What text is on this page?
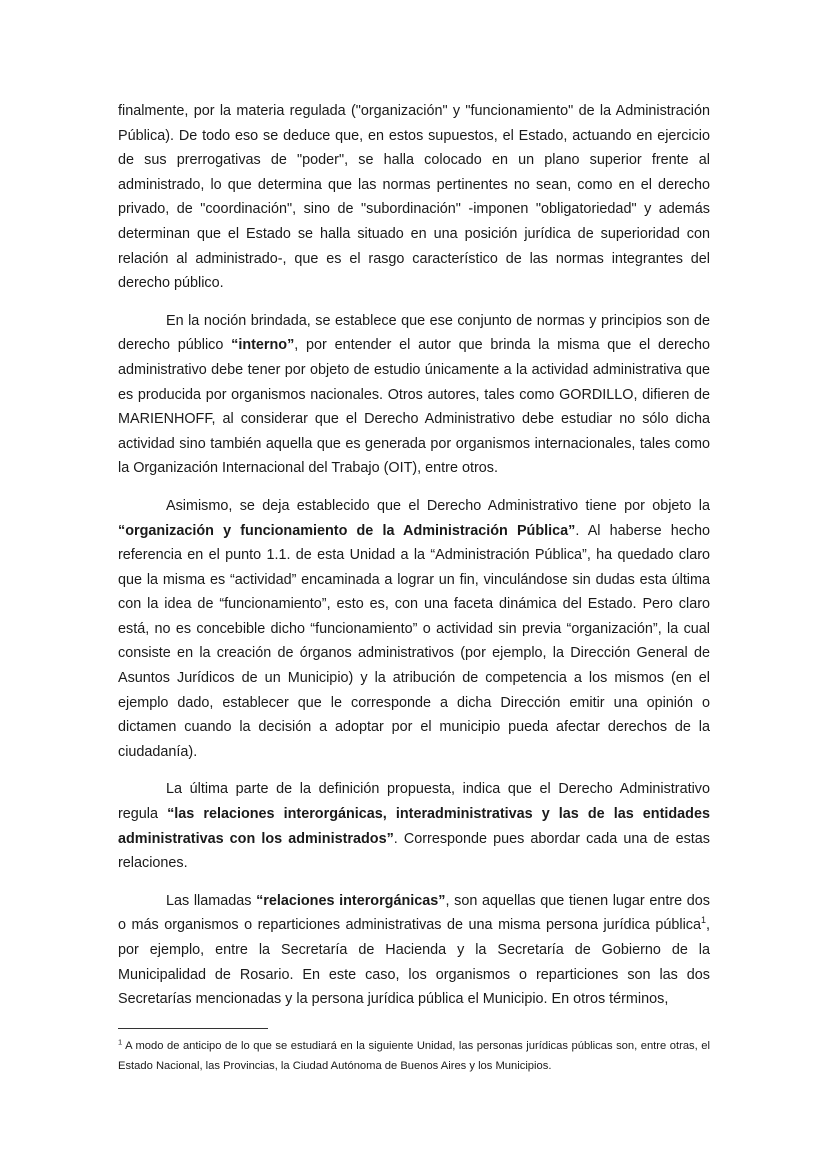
finalmente, por la materia regulada ("organización" y "funcionamiento" de la Administración Pública). De todo eso se deduce que, en estos supuestos, el Estado, actuando en ejercicio de sus prerrogativas de "poder", se halla colocado en un plano superior frente al administrado, lo que determina que las normas pertinentes no sean, como en el derecho privado, de "coordinación", sino de "subordinación" -imponen "obligatoriedad" y además determinan que el Estado se halla situado en una posición jurídica de superioridad con relación al administrado-, que es el rasgo característico de las normas integrantes del derecho público.

En la noción brindada, se establece que ese conjunto de normas y principios son de derecho público “interno”, por entender el autor que brinda la misma que el derecho administrativo debe tener por objeto de estudio únicamente a la actividad administrativa que es producida por organismos nacionales. Otros autores, tales como GORDILLO, difieren de MARIENHOFF, al considerar que el Derecho Administrativo debe estudiar no sólo dicha actividad sino también aquella que es generada por organismos internacionales, tales como la Organización Internacional del Trabajo (OIT), entre otros.

Asimismo, se deja establecido que el Derecho Administrativo tiene por objeto la “organización y funcionamiento de la Administración Pública”. Al haberse hecho referencia en el punto 1.1. de esta Unidad a la “Administración Pública”, ha quedado claro que la misma es “actividad” encaminada a lograr un fin, vinculándose sin dudas esta última con la idea de “funcionamiento”, esto es, con una faceta dinámica del Estado. Pero claro está, no es concebible dicho “funcionamiento” o actividad sin previa “organización”, la cual consiste en la creación de órganos administrativos (por ejemplo, la Dirección General de Asuntos Jurídicos de un Municipio) y la atribución de competencia a los mismos (en el ejemplo dado, establecer que le corresponde a dicha Dirección emitir una opinión o dictamen cuando la decisión a adoptar por el municipio pueda afectar derechos de la ciudadanía).

La última parte de la definición propuesta, indica que el Derecho Administrativo regula “las relaciones interorgánicas, interadministrativas y las de las entidades administrativas con los administrados”. Corresponde pues abordar cada una de estas relaciones.

Las llamadas “relaciones interorgánicas”, son aquellas que tienen lugar entre dos o más organismos o reparticiones administrativas de una misma persona jurídica pública$^1$, por ejemplo, entre la Secretaría de Hacienda y la Secretaría de Gobierno de la Municipalidad de Rosario. En este caso, los organismos o reparticiones son las dos Secretarías mencionadas y la persona jurídica pública el Municipio. En otros términos,

$^1$ A modo de anticipo de lo que se estudiará en la siguiente Unidad, las personas jurídicas públicas son, entre otras, el Estado Nacional, las Provincias, la Ciudad Autónoma de Buenos Aires y los Municipios.
